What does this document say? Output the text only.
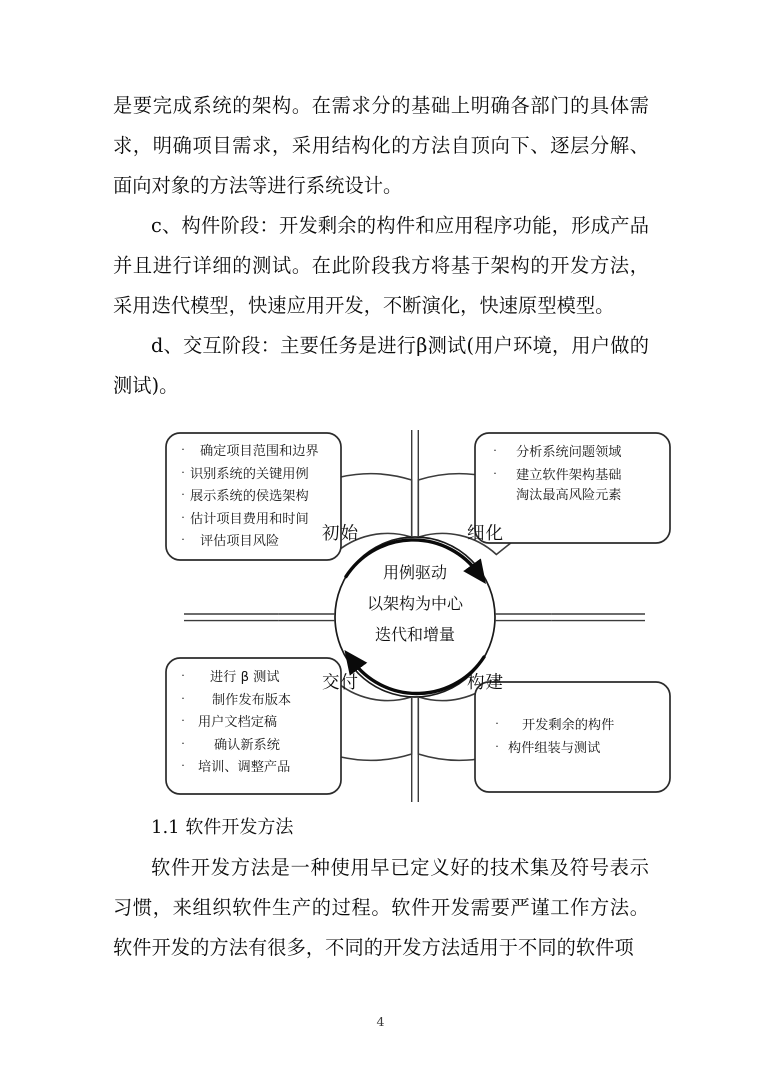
是要完成系统的架构。在需求分的基础上明确各部门的具体需求，明确项目需求，采用结构化的方法自顶向下、逐层分解、面向对象的方法等进行系统设计。

c、构件阶段：开发剩余的构件和应用程序功能，形成产品并且进行详细的测试。在此阶段我方将基于架构的开发方法，采用迭代模型，快速应用开发，不断演化，快速原型模型。

d、交互阶段：主要任务是进行β测试(用户环境，用户做的测试)。

· 确定项目范围和边界
· 识别系统的关键用例
· 展示系统的侯选架构
· 估计项目费用和时间
· 评估项目风险
· 分析系统问题领域
· 建立软件架构基础
淘汰最高风险元素
· 进行 β 测试
· 制作发布版本
· 用户文档定稿
· 确认新系统
· 培训、调整产品
· 开发剩余的构件
· 构件组装与测试
初始	细化
构建
交付
用例驱动
以架构为中心
迭代和增量

1.1 软件开发方法

软件开发方法是一种使用早已定义好的技术集及符号表示习惯，来组织软件生产的过程。软件开发需要严谨工作方法。软件开发的方法有很多，不同的开发方法适用于不同的软件项

4
